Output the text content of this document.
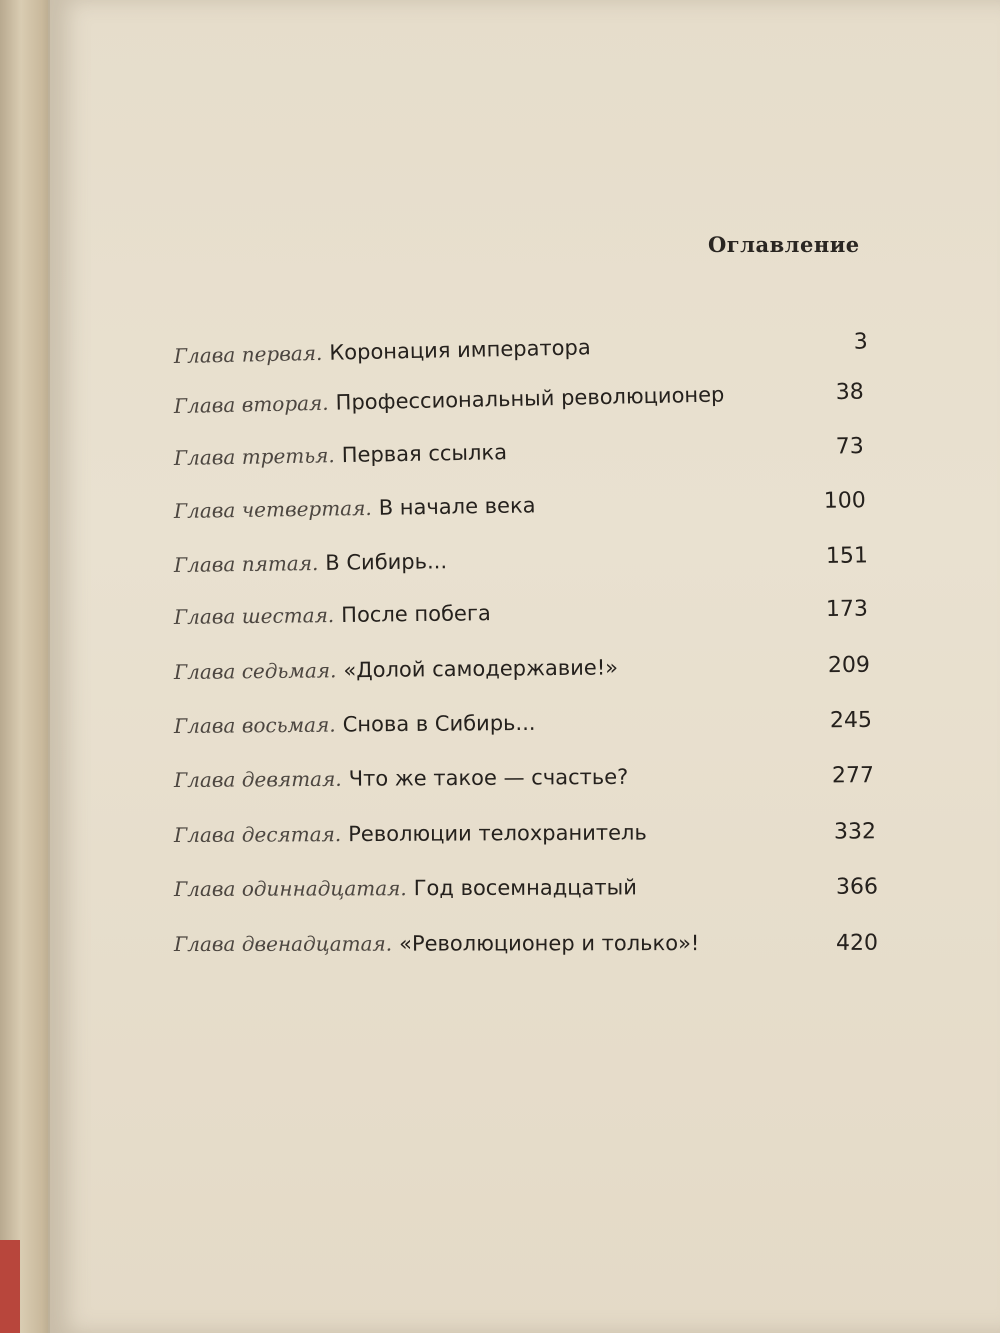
Оглавление
Глава первая. Коронация императора	3
Глава вторая. Профессиональный революционер	38
Глава третья. Первая ссылка	73
Глава четвертая. В начале века	100
Глава пятая. В Сибирь...	151
Глава шестая. После побега	173
Глава седьмая. «Долой самодержавие!»	209
Глава восьмая. Снова в Сибирь...	245
Глава девятая. Что же такое — счастье?	277
Глава десятая. Революции телохранитель	332
Глава одиннадцатая. Год восемнадцатый	366
Глава двенадцатая. «Революционер и только»!	420
